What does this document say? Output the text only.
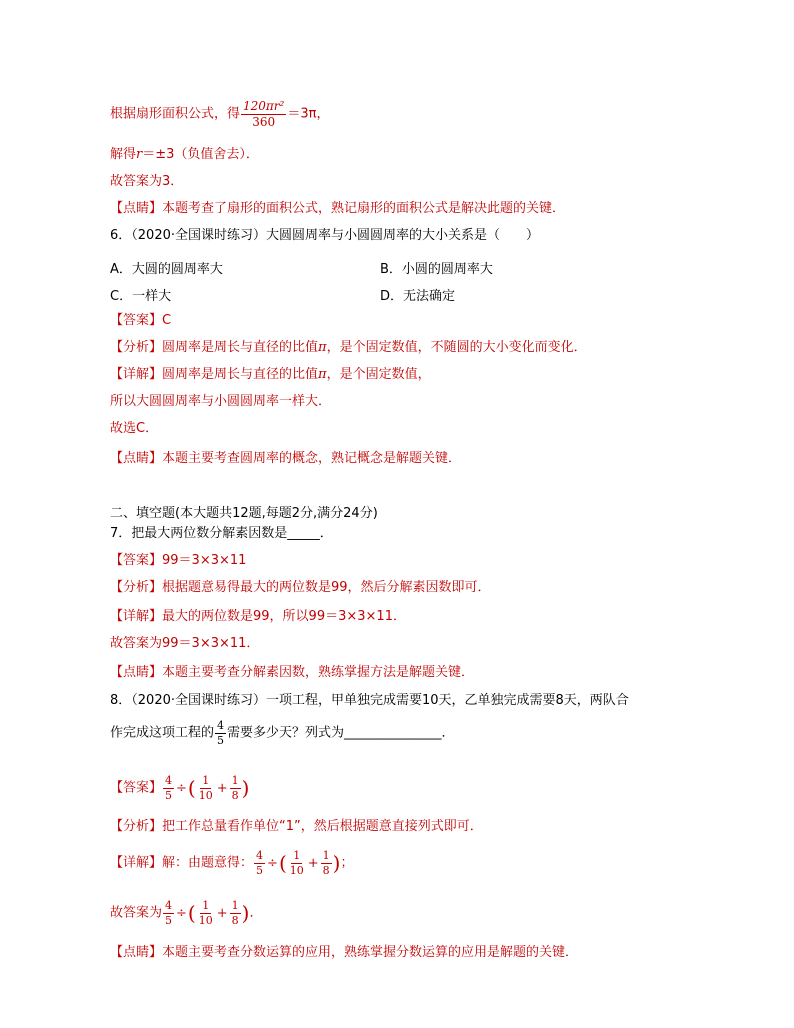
根据扇形面积公式，得 $\frac{\text{120πr²}}{360} =3\pi$，
解得r＝±3（负值舍去）．
故答案为3．
【点睛】本题考查了扇形的面积公式，熟记扇形的面积公式是解决此题的关键．
6．（2020·全国课时练习）大圆圆周率与小圆圆周率的大小关系是（　　）
A．大圆的圆周率大	B．小圆的圆周率大
C．一样大	D．无法确定
【答案】C
【分析】圆周率是周长与直径的比值π，是个固定数值，不随圆的大小变化而变化．
【详解】圆周率是周长与直径的比值π，是个固定数值，
所以大圆圆周率与小圆圆周率一样大．
故选C．
【点睛】本题主要考查圆周率的概念，熟记概念是解题关键．
二、填空题(本大题共12题,每题2分,满分24分)
7．把最大两位数分解素因数是_____．
【答案】99＝3×3×11
【分析】根据题意易得最大的两位数是99，然后分解素因数即可．
【详解】最大的两位数是99，所以99＝3×3×11．
故答案为99＝3×3×11．
【点睛】本题主要考查分解素因数，熟练掌握方法是解题关键．
8．（2020·全国课时练习）一项工程，甲单独完成需要10天，乙单独完成需要8天，两队合
作完成这项工程的 $\frac{4}{5}$ 需要多少天？列式为_______________．
【答案】 $\frac{4}{5}$ ÷( $\frac{1}{10} + \frac{1}{8}$ )
【分析】把工作总量看作单位“1”，然后根据题意直接列式即可．
【详解】解：由题意得： $\frac{4}{5}$ ÷( $\frac{1}{10} + \frac{1}{8}$ )；
故答案为 $\frac{4}{5}$ ÷( $\frac{1}{10} + \frac{1}{8}$ )．
【点睛】本题主要考查分数运算的应用，熟练掌握分数运算的应用是解题的关键．
